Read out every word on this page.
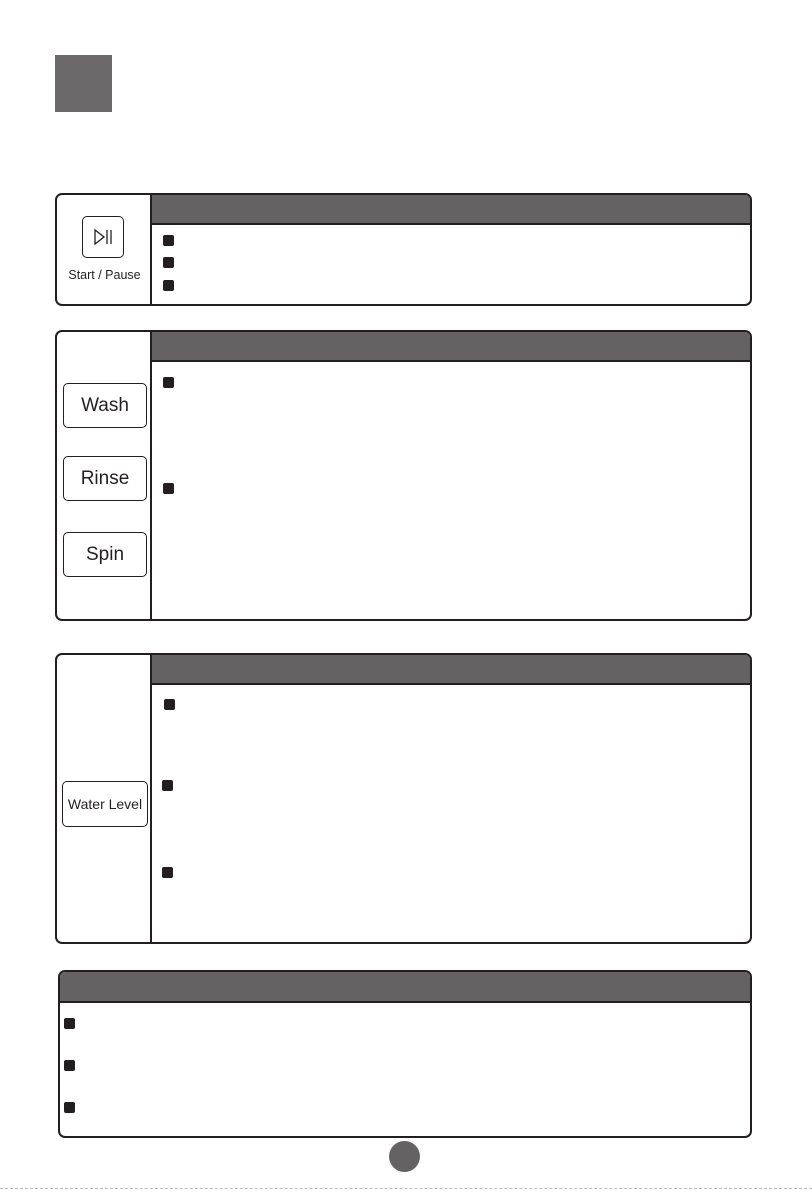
Start / Pause
Wash
Rinse
Spin
Water Level
